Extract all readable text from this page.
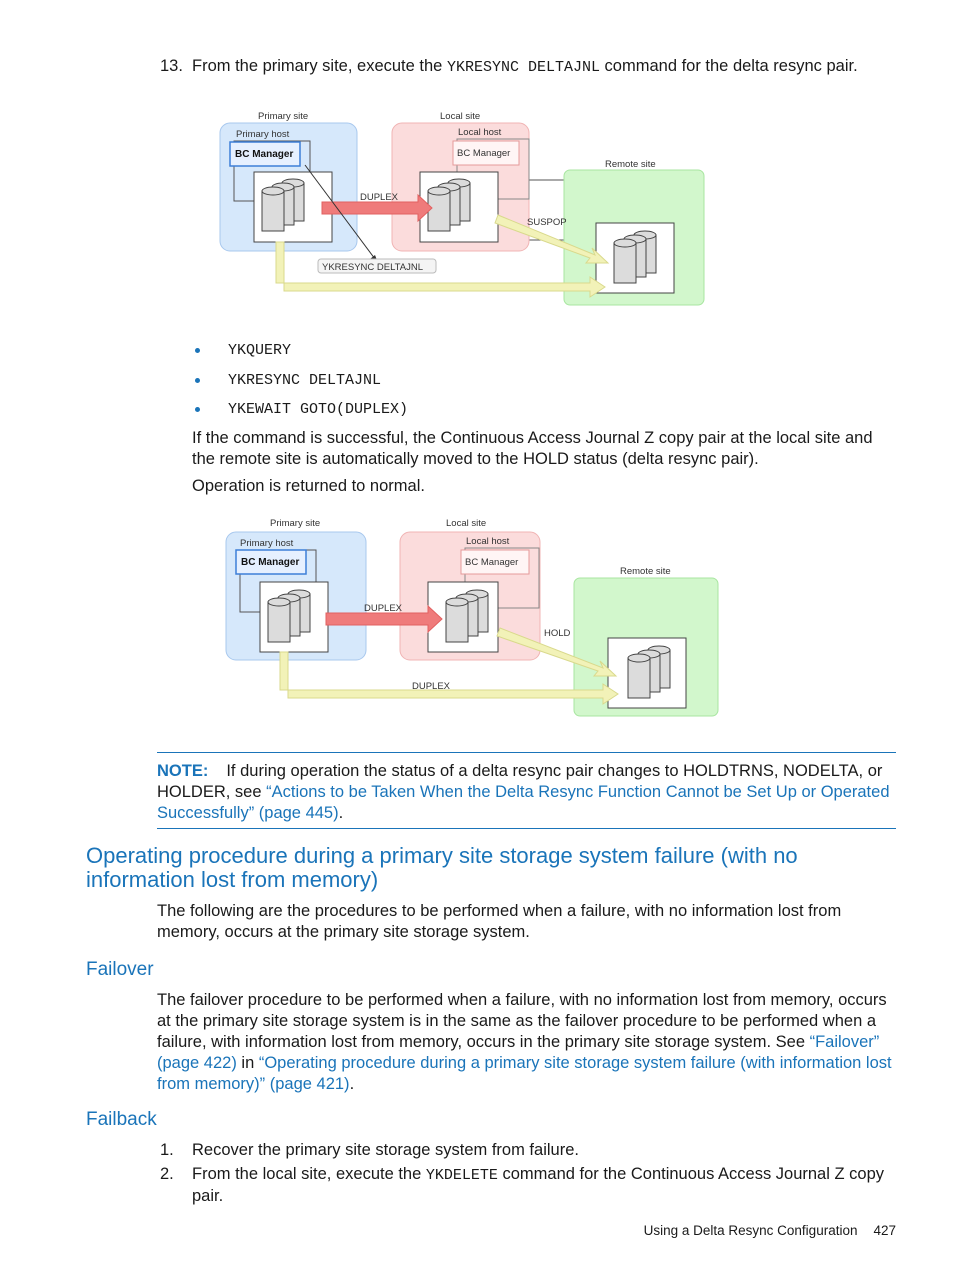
13. From the primary site, execute the YKRESYNC DELTAJNL command for the delta resync pair.
Primary site	Local site
Remote site
Primary host	Local host
BC Manager	BC Manager
DUPLEX
SUSPOP
YKRESYNC DELTAJNL
YKQUERY
YKRESYNC DELTAJNL
YKEWAIT GOTO(DUPLEX)
If the command is successful, the Continuous Access Journal Z copy pair at the local site and the remote site is automatically moved to the HOLD status (delta resync pair).
Operation is returned to normal.
Primary site	Local site
Remote site
Primary host	Local host
BC Manager	BC Manager
DUPLEX
HOLD
DUPLEX
NOTE: If during operation the status of a delta resync pair changes to HOLDTRNS, NODELTA, or HOLDER, see “Actions to be Taken When the Delta Resync Function Cannot be Set Up or Operated Successfully” (page 445).
Operating procedure during a primary site storage system failure (with no information lost from memory)
The following are the procedures to be performed when a failure, with no information lost from memory, occurs at the primary site storage system.
Failover
The failover procedure to be performed when a failure, with no information lost from memory, occurs at the primary site storage system is in the same as the failover procedure to be performed when a failure, with information lost from memory, occurs in the primary site storage system. See “Failover” (page 422) in “Operating procedure during a primary site storage system failure (with information lost from memory)” (page 421).
Failback
1. Recover the primary site storage system from failure.
2. From the local site, execute the YKDELETE command for the Continuous Access Journal Z copy pair.
Using a Delta Resync Configuration 427
